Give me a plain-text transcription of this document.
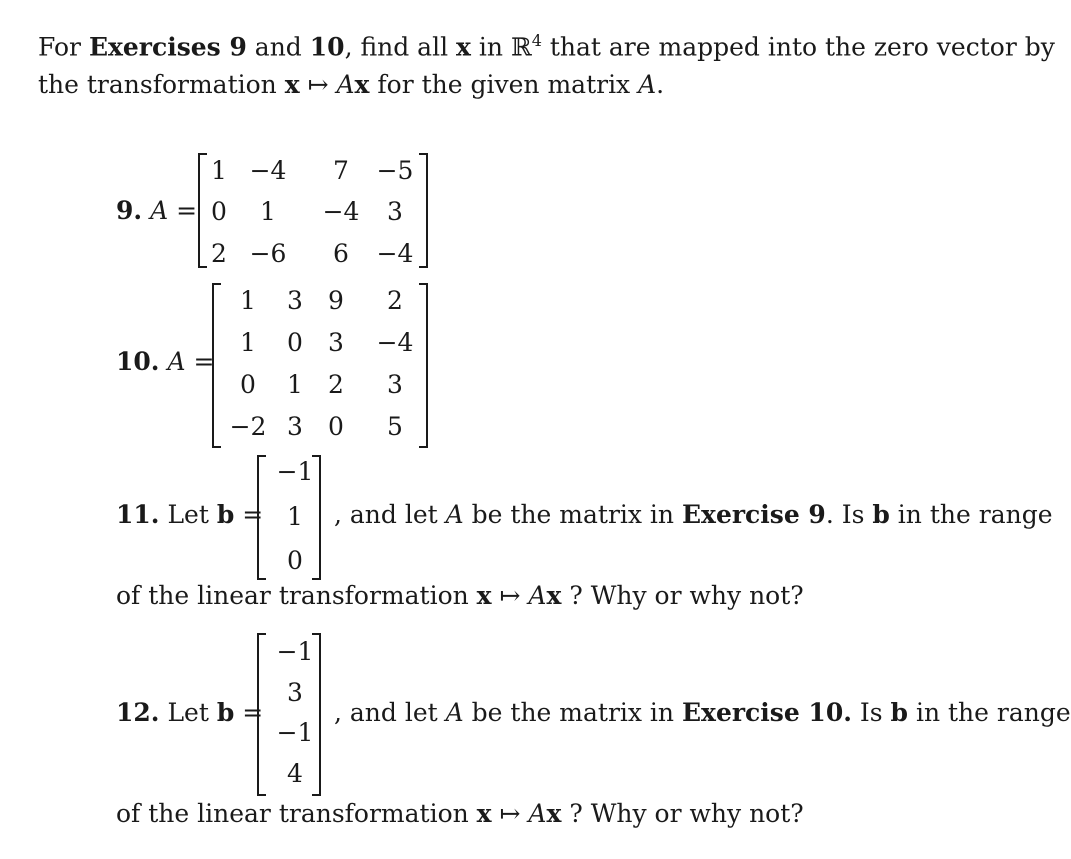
For Exercises 9 and 10, find all x in ℝ$^4$ that are mapped into the zero vector by
the transformation x ↦ Ax for the given matrix A.
9. A =
1 −4	7	−5
0	1	−4	3
2 −6	6	−4
10. A =
1	3	9	2
1	0	3	−4
0	1	2	3
−2 3	0	5
11. Let b =
−1
1
0
, and let A be the matrix in Exercise 9. Is b in the range
of the linear transformation x ↦ Ax ? Why or why not?
12. Let b =
−1
3
−1
4
, and let A be the matrix in Exercise 10. Is b in the range
of the linear transformation x ↦ Ax ? Why or why not?
